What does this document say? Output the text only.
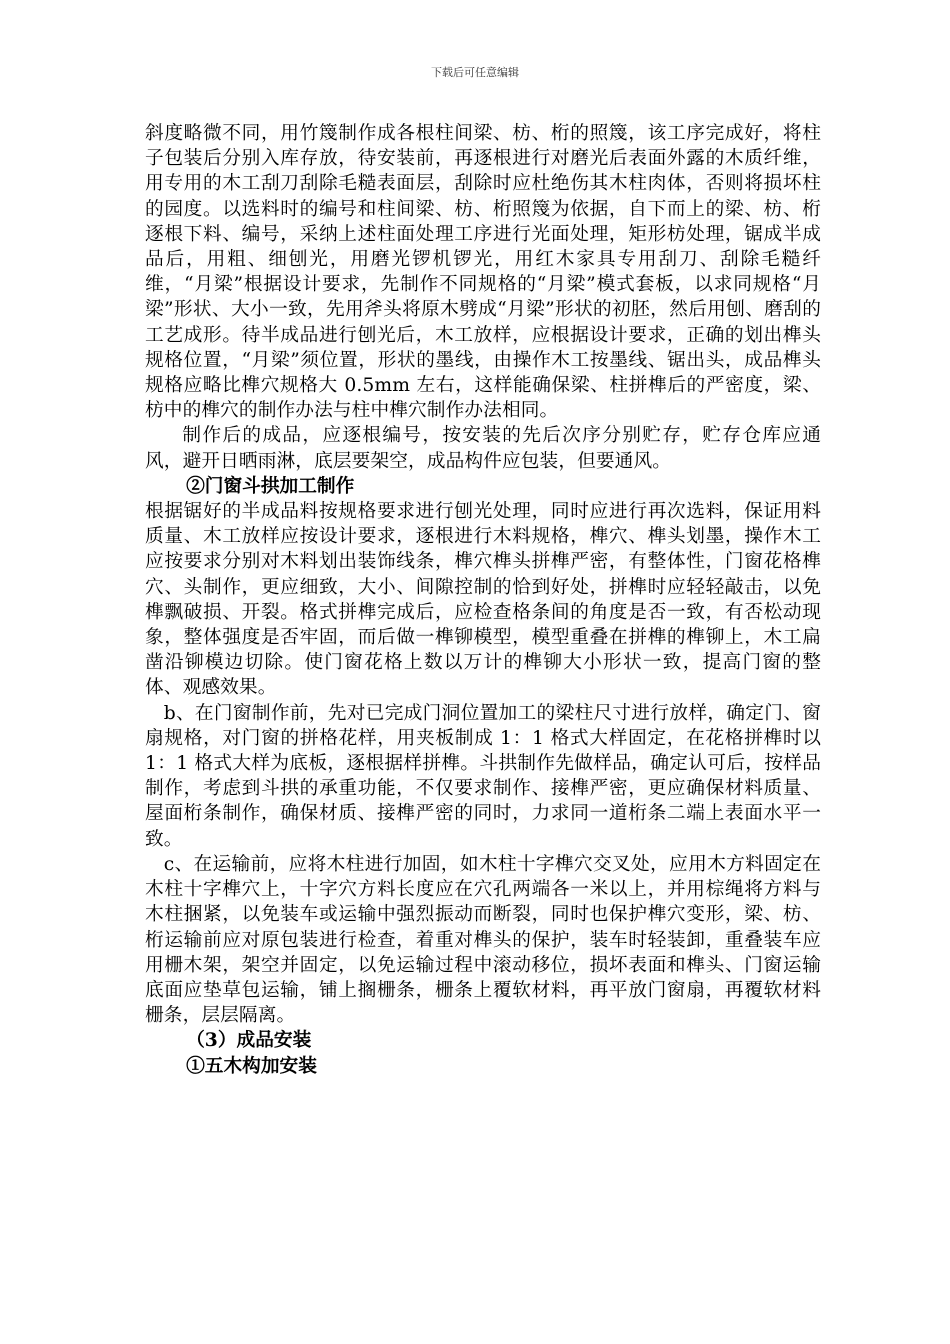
下载后可任意编辑

斜度略微不同，用竹篾制作成各根柱间梁、枋、桁的照篾，该工序完成好，将柱子包装后分别入库存放，待安装前，再逐根进行对磨光后表面外露的木质纤维，用专用的木工刮刀刮除毛糙表面层，刮除时应杜绝伤其木柱肉体，否则将损坏柱的园度。以选料时的编号和柱间梁、枋、桁照篾为依据，自下而上的梁、枋、桁逐根下料、编号，采纳上述柱面处理工序进行光面处理，矩形枋处理，锯成半成品后，用粗、细刨光，用磨光锣机锣光，用红木家具专用刮刀、刮除毛糙纤维，“月梁”根据设计要求，先制作不同规格的“月梁”模式套板，以求同规格“月梁”形状、大小一致，先用斧头将原木劈成“月梁”形状的初胚，然后用刨、磨刮的工艺成形。待半成品进行刨光后，木工放样，应根据设计要求，正确的划出榫头规格位置，“月梁”须位置，形状的墨线，由操作木工按墨线、锯出头，成品榫头规格应略比榫穴规格大 0.5mm 左右，这样能确保梁、柱拼榫后的严密度，梁、枋中的榫穴的制作办法与柱中榫穴制作办法相同。

制作后的成品，应逐根编号，按安装的先后次序分别贮存，贮存仓库应通风，避开日晒雨淋，底层要架空，成品构件应包装，但要通风。

②门窗斗拱加工制作

根据锯好的半成品料按规格要求进行刨光处理，同时应进行再次选料，保证用料质量、木工放样应按设计要求，逐根进行木料规格，榫穴、榫头划墨，操作木工应按要求分别对木料划出装饰线条，榫穴榫头拼榫严密，有整体性，门窗花格榫穴、头制作，更应细致，大小、间隙控制的恰到好处，拼榫时应轻轻敲击，以免榫飘破损、开裂。格式拼榫完成后，应检查格条间的角度是否一致，有否松动现象，整体强度是否牢固，而后做一榫铆模型，模型重叠在拼榫的榫铆上，木工扁凿沿铆模边切除。使门窗花格上数以万计的榫铆大小形状一致，提高门窗的整体、观感效果。

b、在门窗制作前，先对已完成门洞位置加工的梁柱尺寸进行放样，确定门、窗扇规格，对门窗的拼格花样，用夹板制成 1：1 格式大样固定，在花格拼榫时以 1：1 格式大样为底板，逐根据样拼榫。斗拱制作先做样品，确定认可后，按样品制作，考虑到斗拱的承重功能，不仅要求制作、接榫严密，更应确保材料质量、屋面桁条制作，确保材质、接榫严密的同时，力求同一道桁条二端上表面水平一致。

c、在运输前，应将木柱进行加固，如木柱十字榫穴交叉处，应用木方料固定在木柱十字榫穴上，十字穴方料长度应在穴孔两端各一米以上，并用棕绳将方料与木柱捆紧，以免装车或运输中强烈振动而断裂，同时也保护榫穴变形，梁、枋、桁运输前应对原包装进行检查，着重对榫头的保护，装车时轻装卸，重叠装车应用栅木架，架空并固定，以免运输过程中滚动移位，损坏表面和榫头、门窗运输底面应垫草包运输，铺上搁栅条，栅条上覆软材料，再平放门窗扇，再覆软材料栅条，层层隔离。

（3）成品安装

①五木构加安装
